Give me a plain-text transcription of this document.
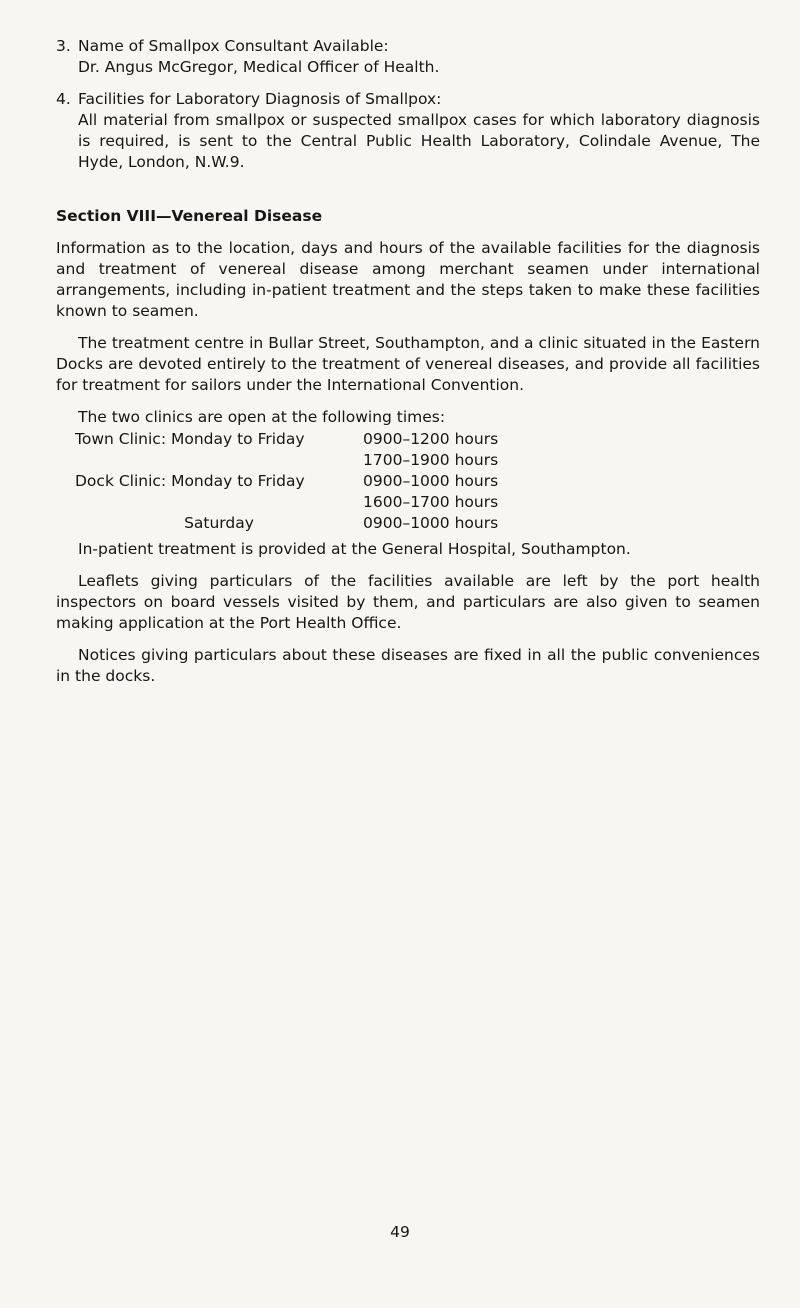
3. Name of Smallpox Consultant Available:

Dr. Angus McGregor, Medical Officer of Health.

4. Facilities for Laboratory Diagnosis of Smallpox:

All material from smallpox or suspected smallpox cases for which laboratory diagnosis is required, is sent to the Central Public Health Laboratory, Colindale Avenue, The Hyde, London, N.W.9.

Section VIII—Venereal Disease

Information as to the location, days and hours of the available facilities for the diagnosis and treatment of venereal disease among merchant seamen under international arrangements, including in-patient treatment and the steps taken to make these facilities known to seamen.

The treatment centre in Bullar Street, Southampton, and a clinic situated in the Eastern Docks are devoted entirely to the treatment of venereal diseases, and provide all facilities for treatment for sailors under the International Convention.

The two clinics are open at the following times:

Town Clinic: Monday to Friday	0900–1200 hours
	1700–1900 hours
Dock Clinic: Monday to Friday	0900–1000 hours
	1600–1700 hours
Saturday	0900–1000 hours

In-patient treatment is provided at the General Hospital, Southampton.

Leaflets giving particulars of the facilities available are left by the port health inspectors on board vessels visited by them, and particulars are also given to seamen making application at the Port Health Office.

Notices giving particulars about these diseases are fixed in all the public conveniences in the docks.

49
